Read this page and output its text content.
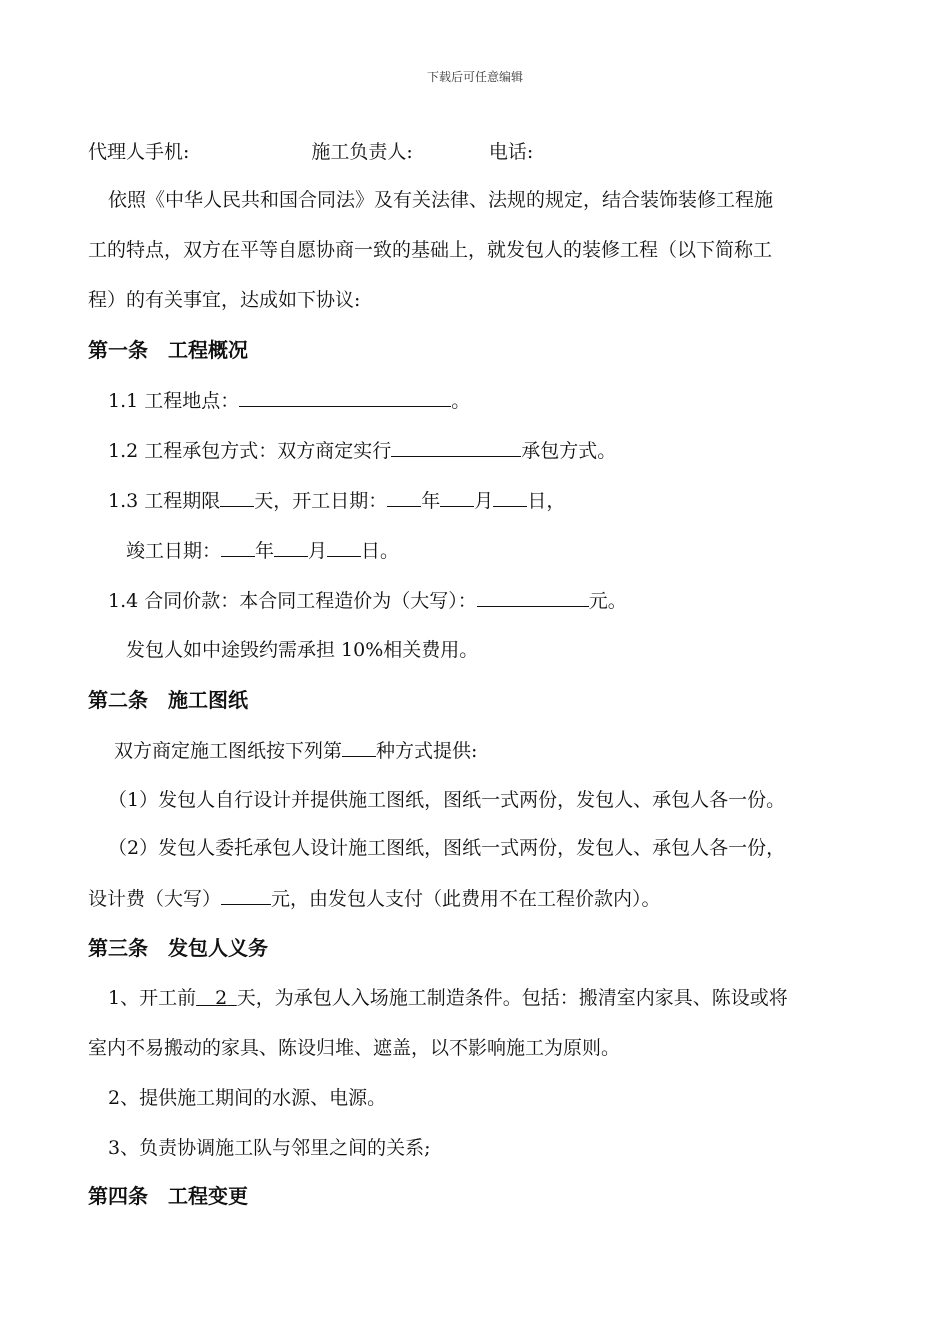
下载后可任意编辑
代理人手机:	施工负责人:	电话:
依照《中华人民共和国合同法》及有关法律、法规的规定，结合装饰装修工程施
工的特点，双方在平等自愿协商一致的基础上，就发包人的装修工程（以下简称工
程）的有关事宜，达成如下协议:
第一条　工程概况
1.1 工程地点：	。
1.2 工程承包方式：双方商定实行	承包方式。
1.3 工程期限 天，开工日期： 年 月 日，
竣工日期： 年 月 日。
1.4 合同价款：本合同工程造价为（大写）：	元。
发包人如中途毁约需承担 10%相关费用。
第二条　施工图纸
双方商定施工图纸按下列第 种方式提供:
（1）发包人自行设计并提供施工图纸，图纸一式两份，发包人、承包人各一份。
（2）发包人委托承包人设计施工图纸，图纸一式两份，发包人、承包人各一份，
设计费（大写）	元，由发包人支付（此费用不在工程价款内）。
第三条　发包人义务
1、开工前  2  天，为承包人入场施工制造条件。包括：搬清室内家具、陈设或将
室内不易搬动的家具、陈设归堆、遮盖，以不影响施工为原则。
2、提供施工期间的水源、电源。
3、负责协调施工队与邻里之间的关系;
第四条　工程变更
